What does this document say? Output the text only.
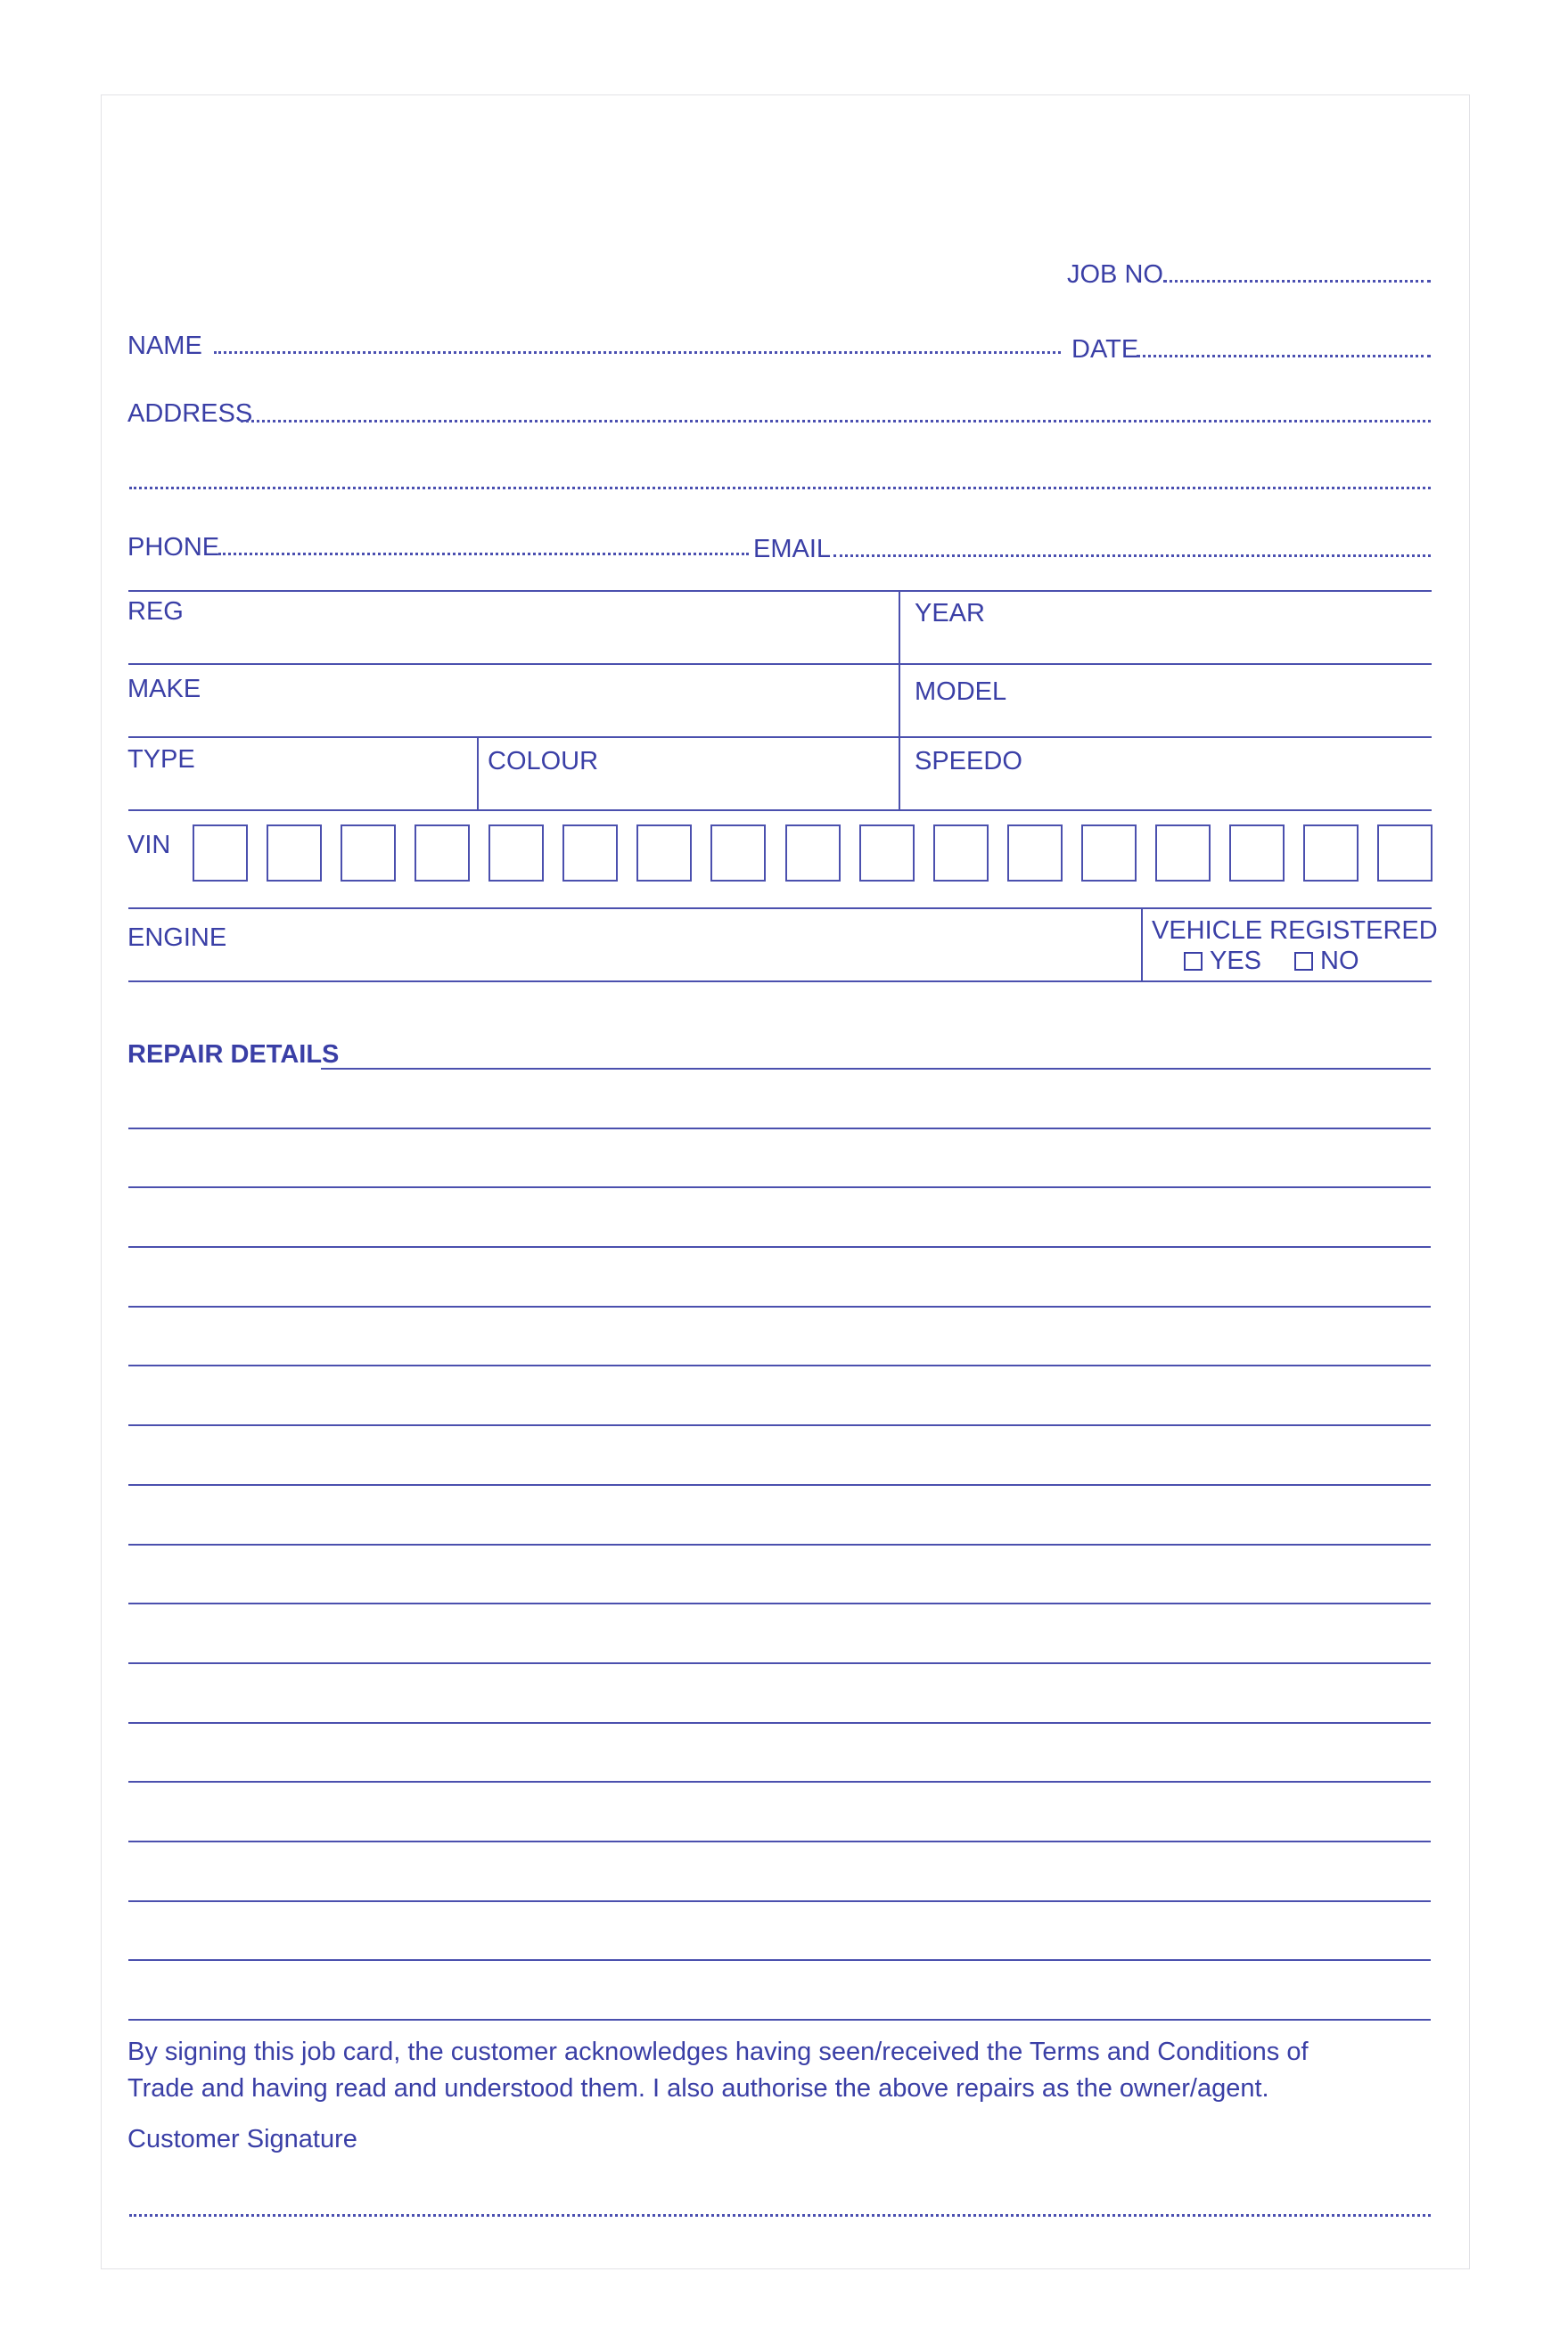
JOB NO
NAME	DATE
ADDRESS
PHONE	EMAIL
REG	YEAR
MAKE	MODEL
TYPE	COLOUR	SPEEDO
VIN
ENGINE	VEHICLE REGISTERED
YES	NO
REPAIR DETAILS
By signing this job card, the customer acknowledges having seen/received the Terms and Conditions of
Trade and having read and understood them. I also authorise the above repairs as the owner/agent.
Customer Signature
